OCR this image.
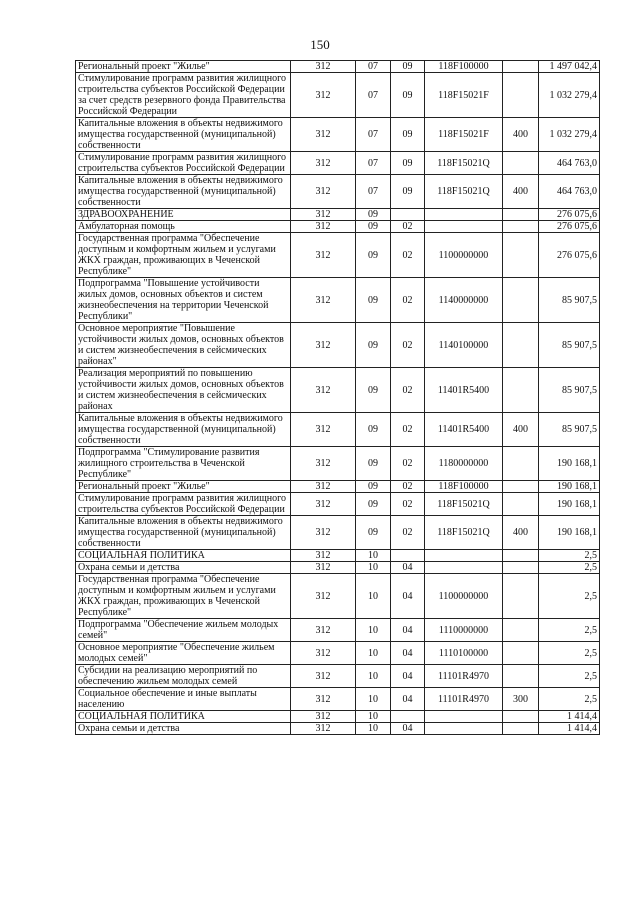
150
Региональный проект "Жилье"	312	07	09	118F100000		1 497 042,4
Стимулирование программ развития жилищного строительства субъектов Российской Федерации за счет средств резервного фонда Правительства Российской Федерации	312	07	09	118F15021F		1 032 279,4
Капитальные вложения в объекты недвижимого имущества государственной (муниципальной) собственности	312	07	09	118F15021F	400	1 032 279,4
Стимулирование программ развития жилищного строительства субъектов Российской Федерации	312	07	09	118F15021Q		464 763,0
Капитальные вложения в объекты недвижимого имущества государственной (муниципальной) собственности	312	07	09	118F15021Q	400	464 763,0
ЗДРАВООХРАНЕНИЕ	312	09				276 075,6
Амбулаторная помощь	312	09	02			276 075,6
Государственная программа "Обеспечение доступным и комфортным жильем и услугами ЖКХ граждан, проживающих в Чеченской Республике"	312	09	02	1100000000		276 075,6
Подпрограмма "Повышение устойчивости жилых домов, основных объектов и систем жизнеобеспечения на территории Чеченской Республики"	312	09	02	1140000000		85 907,5
Основное мероприятие "Повышение устойчивости жилых домов, основных объектов и систем жизнеобеспечения в сейсмических районах"	312	09	02	1140100000		85 907,5
Реализация мероприятий по повышению устойчивости жилых домов, основных объектов и систем жизнеобеспечения в сейсмических районах	312	09	02	11401R5400		85 907,5
Капитальные вложения в объекты недвижимого имущества государственной (муниципальной) собственности	312	09	02	11401R5400	400	85 907,5
Подпрограмма "Стимулирование развития жилищного строительства в Чеченской Республике"	312	09	02	1180000000		190 168,1
Региональный проект "Жилье"	312	09	02	118F100000		190 168,1
Стимулирование программ развития жилищного строительства субъектов Российской Федерации	312	09	02	118F15021Q		190 168,1
Капитальные вложения в объекты недвижимого имущества государственной (муниципальной) собственности	312	09	02	118F15021Q	400	190 168,1
СОЦИАЛЬНАЯ ПОЛИТИКА	312	10				2,5
Охрана семьи и детства	312	10	04			2,5
Государственная программа "Обеспечение доступным и комфортным жильем и услугами ЖКХ граждан, проживающих в Чеченской Республике"	312	10	04	1100000000		2,5
Подпрограмма "Обеспечение жильем молодых семей"	312	10	04	1110000000		2,5
Основное мероприятие "Обеспечение жильем молодых семей"	312	10	04	1110100000		2,5
Субсидии на реализацию мероприятий по обеспечению жильем молодых семей	312	10	04	11101R4970		2,5
Социальное обеспечение и иные выплаты населению	312	10	04	11101R4970	300	2,5
СОЦИАЛЬНАЯ ПОЛИТИКА	312	10				1 414,4
Охрана семьи и детства	312	10	04			1 414,4
